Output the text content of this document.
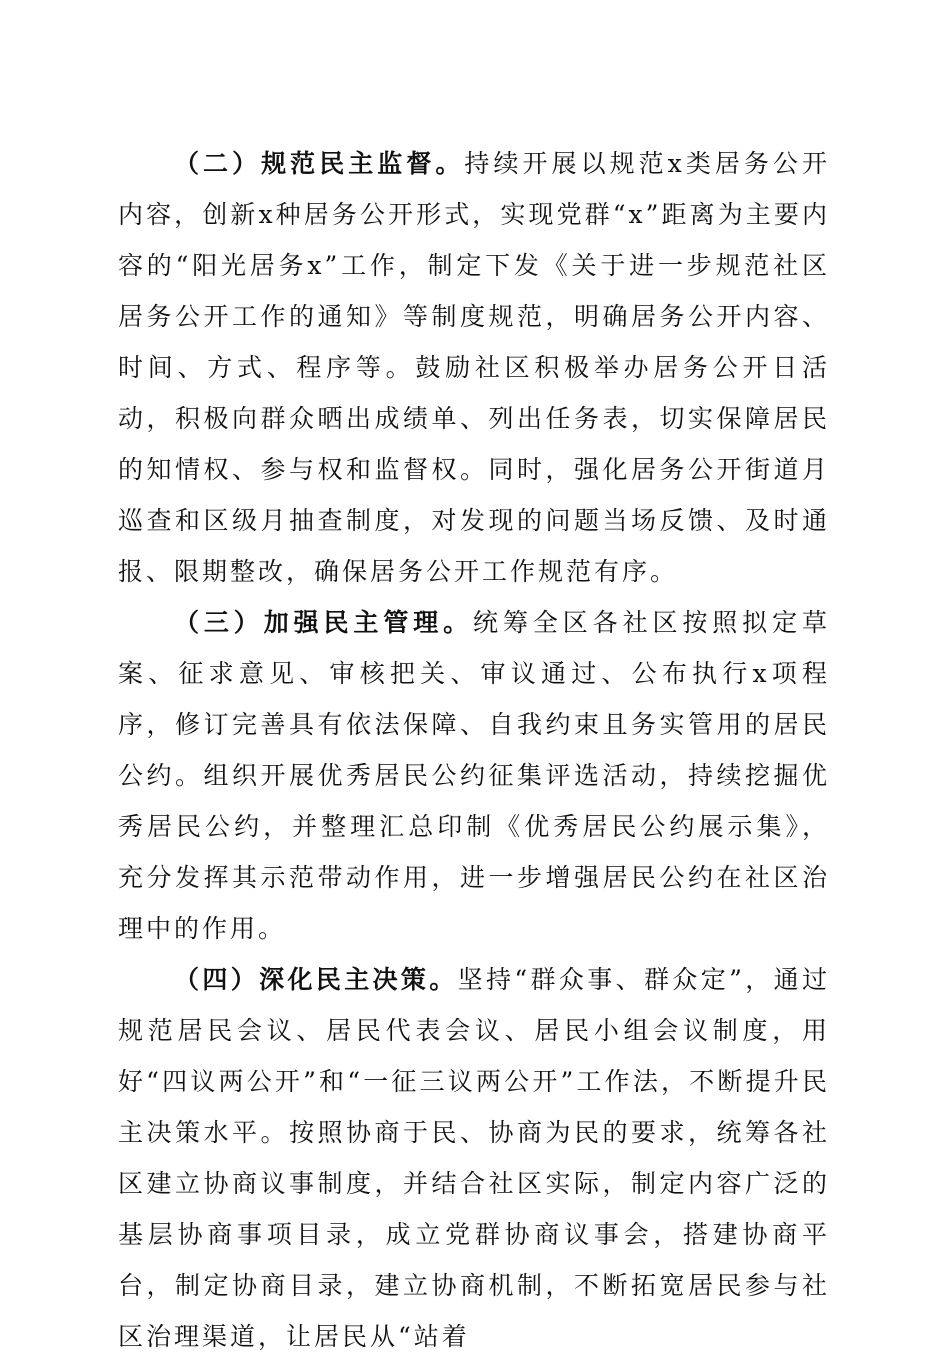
（二）规范民主监督。持续开展以规范x类居务公开内容，创新x种居务公开形式，实现党群“x”距离为主要内容的“阳光居务x”工作，制定下发《关于进一步规范社区居务公开工作的通知》等制度规范，明确居务公开内容、时间、方式、程序等。鼓励社区积极举办居务公开日活动，积极向群众晒出成绩单、列出任务表，切实保障居民的知情权、参与权和监督权。同时，强化居务公开街道月巡查和区级月抽查制度，对发现的问题当场反馈、及时通报、限期整改，确保居务公开工作规范有序。

（三）加强民主管理。统筹全区各社区按照拟定草案、征求意见、审核把关、审议通过、公布执行x项程序，修订完善具有依法保障、自我约束且务实管用的居民公约。组织开展优秀居民公约征集评选活动，持续挖掘优秀居民公约，并整理汇总印制《优秀居民公约展示集》，充分发挥其示范带动作用，进一步增强居民公约在社区治理中的作用。

（四）深化民主决策。坚持“群众事、群众定”，通过规范居民会议、居民代表会议、居民小组会议制度，用好“四议两公开”和“一征三议两公开”工作法，不断提升民主决策水平。按照协商于民、协商为民的要求，统筹各社区建立协商议事制度，并结合社区实际，制定内容广泛的基层协商事项目录，成立党群协商议事会，搭建协商平台，制定协商目录，建立协商机制，不断拓宽居民参与社区治理渠道，让居民从“站着
